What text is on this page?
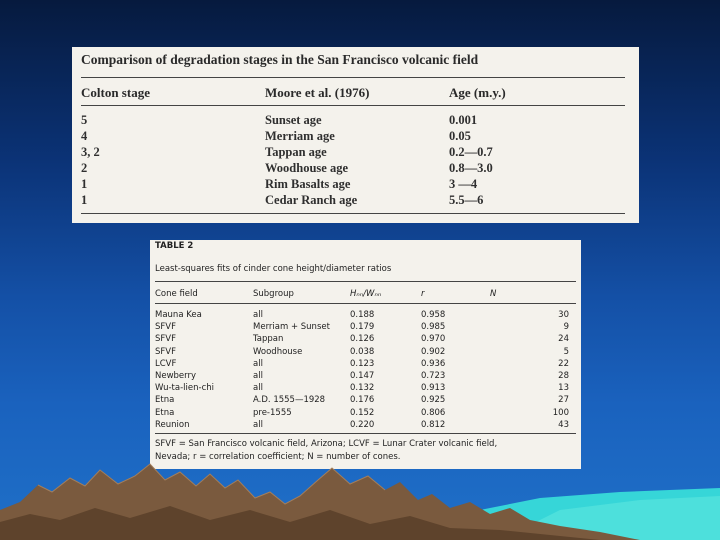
Comparison of degradation stages in the San Francisco volcanic field
Colton stage	Moore et al. (1976)	Age (m.y.)
5	Sunset age	0.001
4	Merriam age	0.05
3, 2	Tappan age	0.2—0.7
2	Woodhouse age	0.8—3.0
1	Rim Basalts age	3 —4
1	Cedar Ranch age	5.5—6
TABLE 2
Least-squares fits of cinder cone height/diameter ratios
Cone field	Subgroup	Hₙₙ/Wₙₙ	r	N
Mauna Kea	all	0.188	0.958	30
SFVF	Merriam + Sunset 0.179	0.985	9
SFVF	Tappan	0.126	0.970	24
SFVF	Woodhouse	0.038	0.902	5
LCVF	all	0.123	0.936	22
Newberry	all	0.147	0.723	28
Wu-ta-lien-chi	all	0.132	0.913	13
Etna	A.D. 1555—1928	0.176	0.925	27
Etna	pre-1555	0.152	0.806	100
Reunion	all	0.220	0.812	43
SFVF = San Francisco volcanic field, Arizona; LCVF = Lunar Crater volcanic field,
Nevada; r = correlation coefficient; N = number of cones.
